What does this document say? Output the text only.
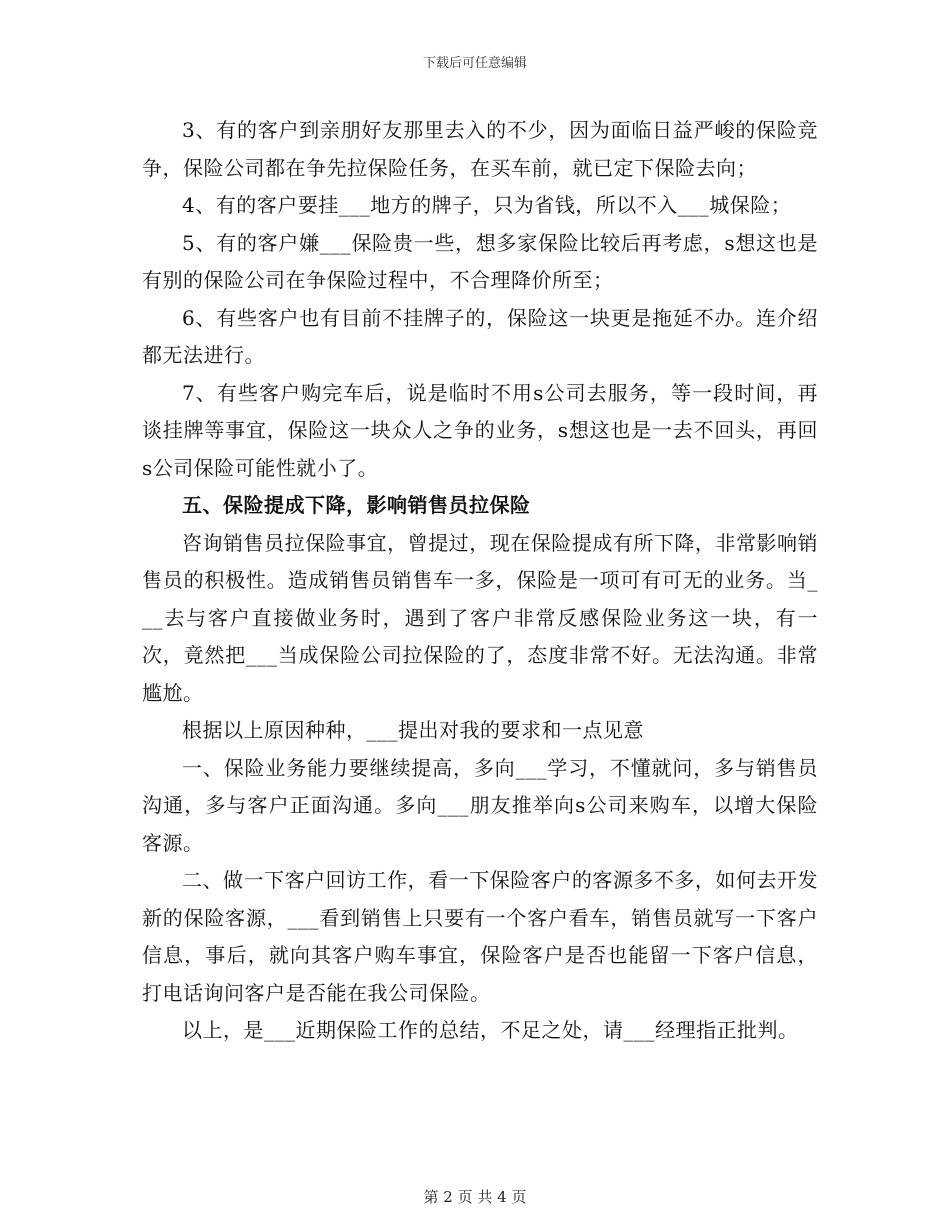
下载后可任意编辑

3、有的客户到亲朋好友那里去入的不少，因为面临日益严峻的保险竞争，保险公司都在争先拉保险任务，在买车前，就已定下保险去向；

4、有的客户要挂___地方的牌子，只为省钱，所以不入___城保险；

5、有的客户嫌___保险贵一些，想多家保险比较后再考虑，s想这也是有别的保险公司在争保险过程中，不合理降价所至；

6、有些客户也有目前不挂牌子的，保险这一块更是拖延不办。连介绍都无法进行。

7、有些客户购完车后，说是临时不用s公司去服务，等一段时间，再谈挂牌等事宜，保险这一块众人之争的业务，s想这也是一去不回头，再回s公司保险可能性就小了。

五、保险提成下降，影响销售员拉保险

咨询销售员拉保险事宜，曾提过，现在保险提成有所下降，非常影响销售员的积极性。造成销售员销售车一多，保险是一项可有可无的业务。当___去与客户直接做业务时，遇到了客户非常反感保险业务这一块，有一次，竟然把___当成保险公司拉保险的了，态度非常不好。无法沟通。非常尴尬。

根据以上原因种种，___提出对我的要求和一点见意

一、保险业务能力要继续提高，多向___学习，不懂就问，多与销售员沟通，多与客户正面沟通。多向___朋友推举向s公司来购车，以增大保险客源。

二、做一下客户回访工作，看一下保险客户的客源多不多，如何去开发新的保险客源，___看到销售上只要有一个客户看车，销售员就写一下客户信息，事后，就向其客户购车事宜，保险客户是否也能留一下客户信息，打电话询问客户是否能在我公司保险。

以上，是___近期保险工作的总结，不足之处，请___经理指正批判。

第 2 页 共 4 页
